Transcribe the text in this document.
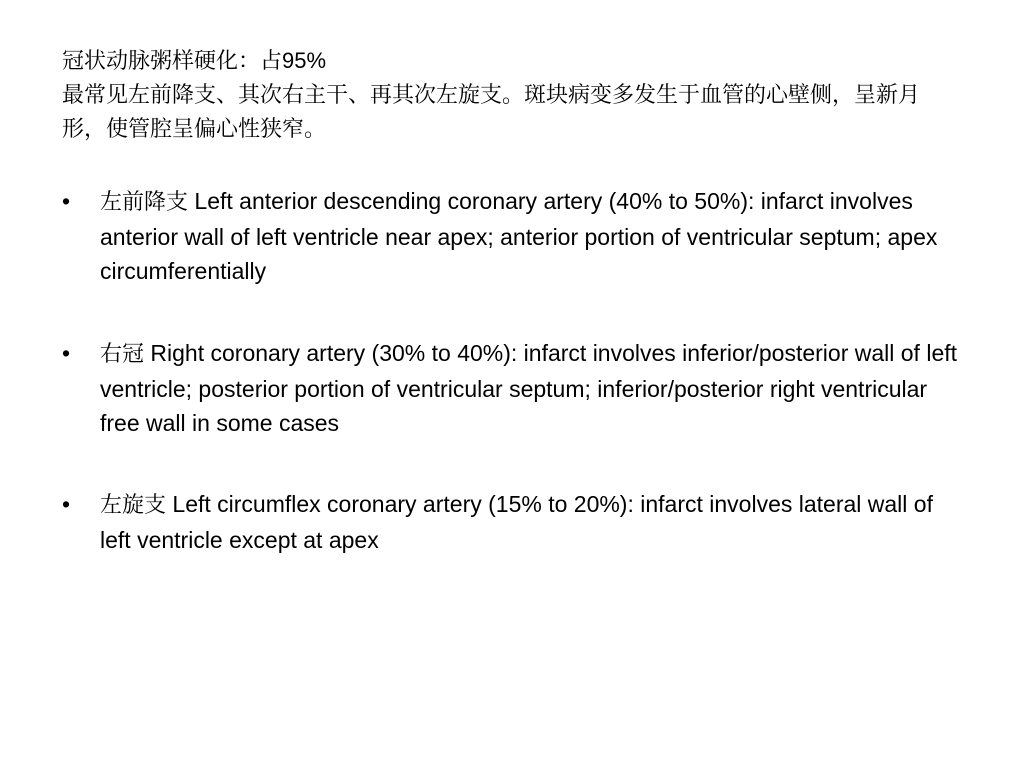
冠状动脉粥样硬化：占95%
最常见左前降支、其次右主干、再其次左旋支。斑块病变多发生于血管的心壁侧，呈新月形，使管腔呈偏心性狭窄。
•	左前降支 Left anterior descending coronary artery (40% to 50%): infarct involves anterior wall of left ventricle near apex; anterior portion of ventricular septum; apex circumferentially
•	右冠 Right coronary artery (30% to 40%): infarct involves inferior/posterior wall of left ventricle; posterior portion of ventricular septum; inferior/posterior right ventricular free wall in some cases
•	左旋支 Left circumflex coronary artery (15% to 20%): infarct involves lateral wall of left ventricle except at apex
